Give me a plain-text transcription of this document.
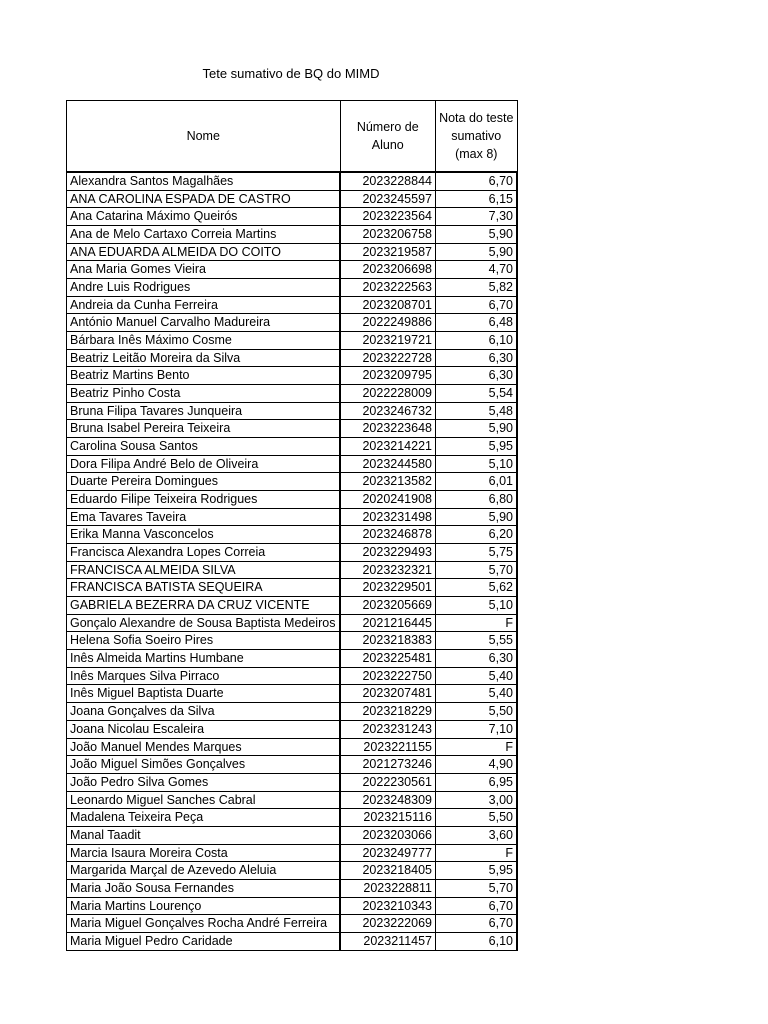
Tete sumativo de BQ do MIMD
Nome	Número de Aluno	Nota do teste sumativo (max 8)
Alexandra Santos Magalhães	2023228844	6,70
ANA CAROLINA ESPADA DE CASTRO	2023245597	6,15
Ana Catarina Máximo Queirós	2023223564	7,30
Ana de Melo Cartaxo Correia Martins	2023206758	5,90
ANA EDUARDA ALMEIDA DO COITO	2023219587	5,90
Ana Maria Gomes Vieira	2023206698	4,70
Andre Luis Rodrigues	2023222563	5,82
Andreia da Cunha Ferreira	2023208701	6,70
António Manuel Carvalho Madureira	2022249886	6,48
Bárbara Inês Máximo Cosme	2023219721	6,10
Beatriz Leitão Moreira da Silva	2023222728	6,30
Beatriz Martins Bento	2023209795	6,30
Beatriz Pinho Costa	2022228009	5,54
Bruna Filipa Tavares Junqueira	2023246732	5,48
Bruna Isabel Pereira Teixeira	2023223648	5,90
Carolina Sousa Santos	2023214221	5,95
Dora Filipa André Belo de Oliveira	2023244580	5,10
Duarte Pereira Domingues	2023213582	6,01
Eduardo Filipe Teixeira Rodrigues	2020241908	6,80
Ema Tavares Taveira	2023231498	5,90
Erika Manna Vasconcelos	2023246878	6,20
Francisca Alexandra Lopes Correia	2023229493	5,75
FRANCISCA ALMEIDA SILVA	2023232321	5,70
FRANCISCA BATISTA SEQUEIRA	2023229501	5,62
GABRIELA BEZERRA DA CRUZ VICENTE	2023205669	5,10
Gonçalo Alexandre de Sousa Baptista Medeiros	2021216445	F
Helena Sofia Soeiro Pires	2023218383	5,55
Inês Almeida Martins Humbane	2023225481	6,30
Inês Marques Silva Pirraco	2023222750	5,40
Inês Miguel Baptista Duarte	2023207481	5,40
Joana Gonçalves da Silva	2023218229	5,50
Joana Nicolau Escaleira	2023231243	7,10
João Manuel Mendes Marques	2023221155	F
João Miguel Simões Gonçalves	2021273246	4,90
João Pedro Silva Gomes	2022230561	6,95
Leonardo Miguel Sanches Cabral	2023248309	3,00
Madalena Teixeira Peça	2023215116	5,50
Manal Taadit	2023203066	3,60
Marcia Isaura Moreira Costa	2023249777	F
Margarida Marçal de Azevedo Aleluia	2023218405	5,95
Maria João Sousa Fernandes	2023228811	5,70
Maria Martins Lourenço	2023210343	6,70
Maria Miguel Gonçalves Rocha André Ferreira	2023222069	6,70
Maria Miguel Pedro Caridade	2023211457	6,10
